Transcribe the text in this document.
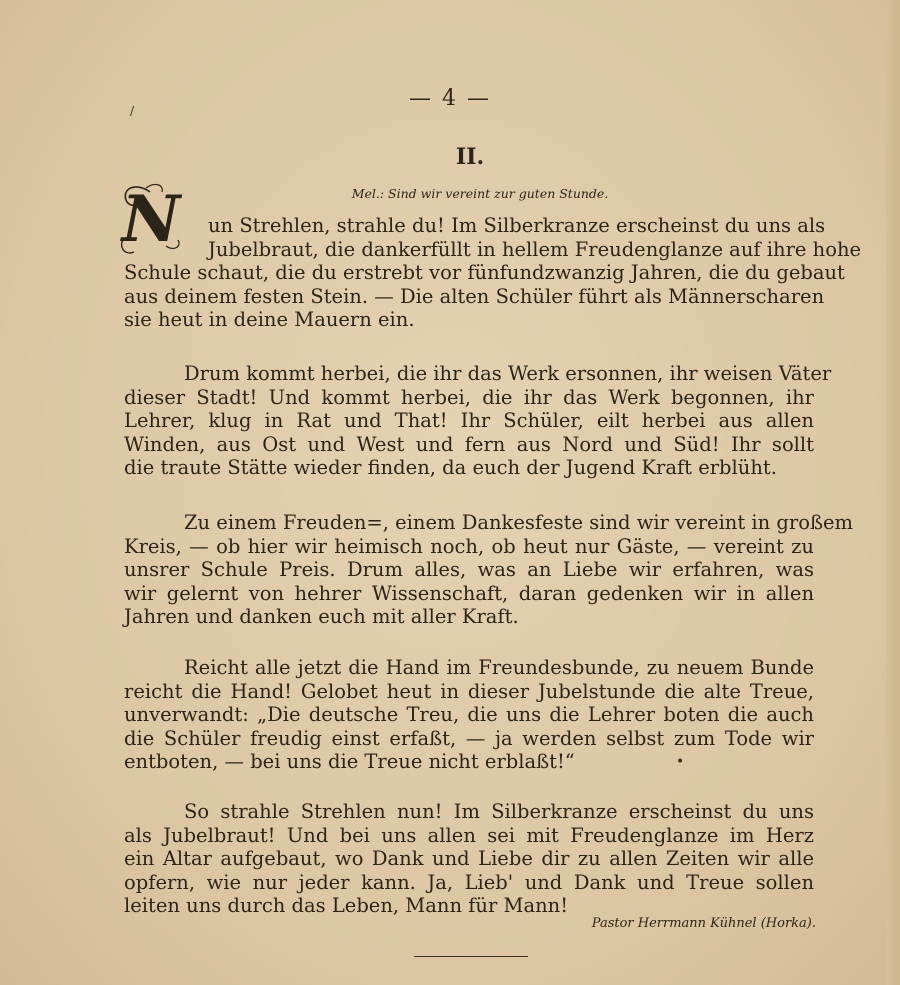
/
•
— 4 —
II.
Mel.: Sind wir vereint zur guten Stunde.
N	un Strehlen, strahle du! Im Silberkranze erscheinst du uns als
Jubelbraut, die dankerfüllt in hellem Freudenglanze auf ihre hohe
Schule schaut, die du erstrebt vor fünfundzwanzig Jahren, die du gebaut
aus deinem festen Stein. — Die alten Schüler führt als Männerscharen
sie heut in deine Mauern ein.
Drum kommt herbei, die ihr das Werk ersonnen, ihr weisen Väter
dieser Stadt! Und kommt herbei, die ihr das Werk begonnen, ihr
Lehrer, klug in Rat und That! Ihr Schüler, eilt herbei aus allen
Winden, aus Ost und West und fern aus Nord und Süd! Ihr sollt
die traute Stätte wieder finden, da euch der Jugend Kraft erblüht.
Zu einem Freuden=, einem Dankesfeste sind wir vereint in großem
Kreis, — ob hier wir heimisch noch, ob heut nur Gäste, — vereint zu
unsrer Schule Preis. Drum alles, was an Liebe wir erfahren, was
wir gelernt von hehrer Wissenschaft, daran gedenken wir in allen
Jahren und danken euch mit aller Kraft.
Reicht alle jetzt die Hand im Freundesbunde, zu neuem Bunde
reicht die Hand! Gelobet heut in dieser Jubelstunde die alte Treue,
unverwandt: „Die deutsche Treu, die uns die Lehrer boten die auch
die Schüler freudig einst erfaßt, — ja werden selbst zum Tode wir
entboten, — bei uns die Treue nicht erblaßt!“
So strahle Strehlen nun! Im Silberkranze erscheinst du uns
als Jubelbraut! Und bei uns allen sei mit Freudenglanze im Herz
ein Altar aufgebaut, wo Dank und Liebe dir zu allen Zeiten wir alle
opfern, wie nur jeder kann. Ja, Lieb' und Dank und Treue sollen
leiten uns durch das Leben, Mann für Mann!
Pastor Herrmann Kühnel (Horka).
